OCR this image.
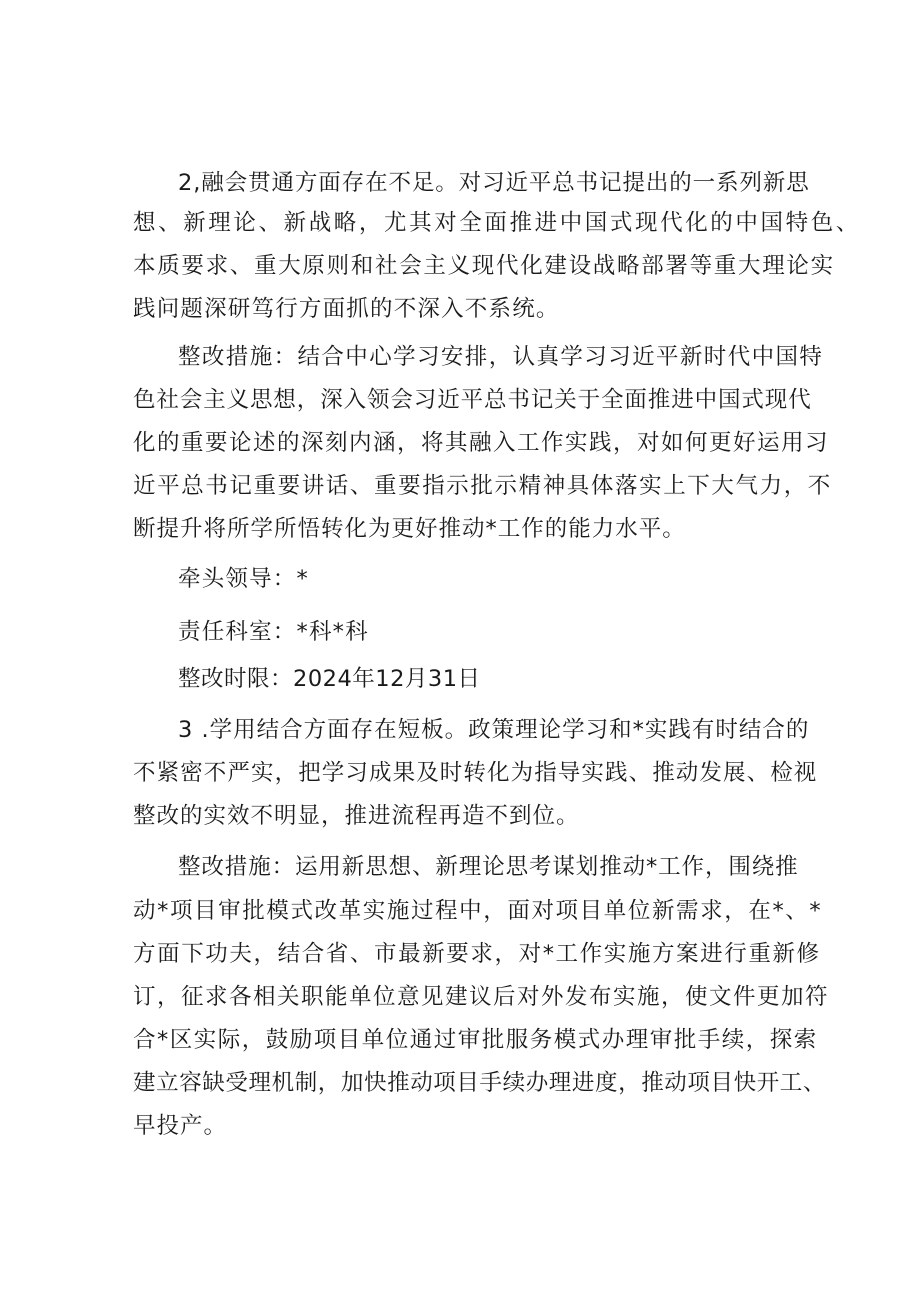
2,融会贯通方面存在不足。对习近平总书记提出的一系列新思
想、新理论、新战略，尤其对全面推进中国式现代化的中国特色、
本质要求、重大原则和社会主义现代化建设战略部署等重大理论实
践问题深研笃行方面抓的不深入不系统。
整改措施：结合中心学习安排，认真学习习近平新时代中国特
色社会主义思想，深入领会习近平总书记关于全面推进中国式现代
化的重要论述的深刻内涵，将其融入工作实践，对如何更好运用习
近平总书记重要讲话、重要指示批示精神具体落实上下大气力，不
断提升将所学所悟转化为更好推动*工作的能力水平。
牵头领导：*
责任科室：*科*科
整改时限：2024年12月31日
3 .学用结合方面存在短板。政策理论学习和*实践有时结合的
不紧密不严实，把学习成果及时转化为指导实践、推动发展、检视
整改的实效不明显，推进流程再造不到位。
整改措施：运用新思想、新理论思考谋划推动*工作，围绕推
动*项目审批模式改革实施过程中，面对项目单位新需求，在*、*
方面下功夫，结合省、市最新要求，对*工作实施方案进行重新修
订，征求各相关职能单位意见建议后对外发布实施，使文件更加符
合*区实际，鼓励项目单位通过审批服务模式办理审批手续，探索
建立容缺受理机制，加快推动项目手续办理进度，推动项目快开工、
早投产。
